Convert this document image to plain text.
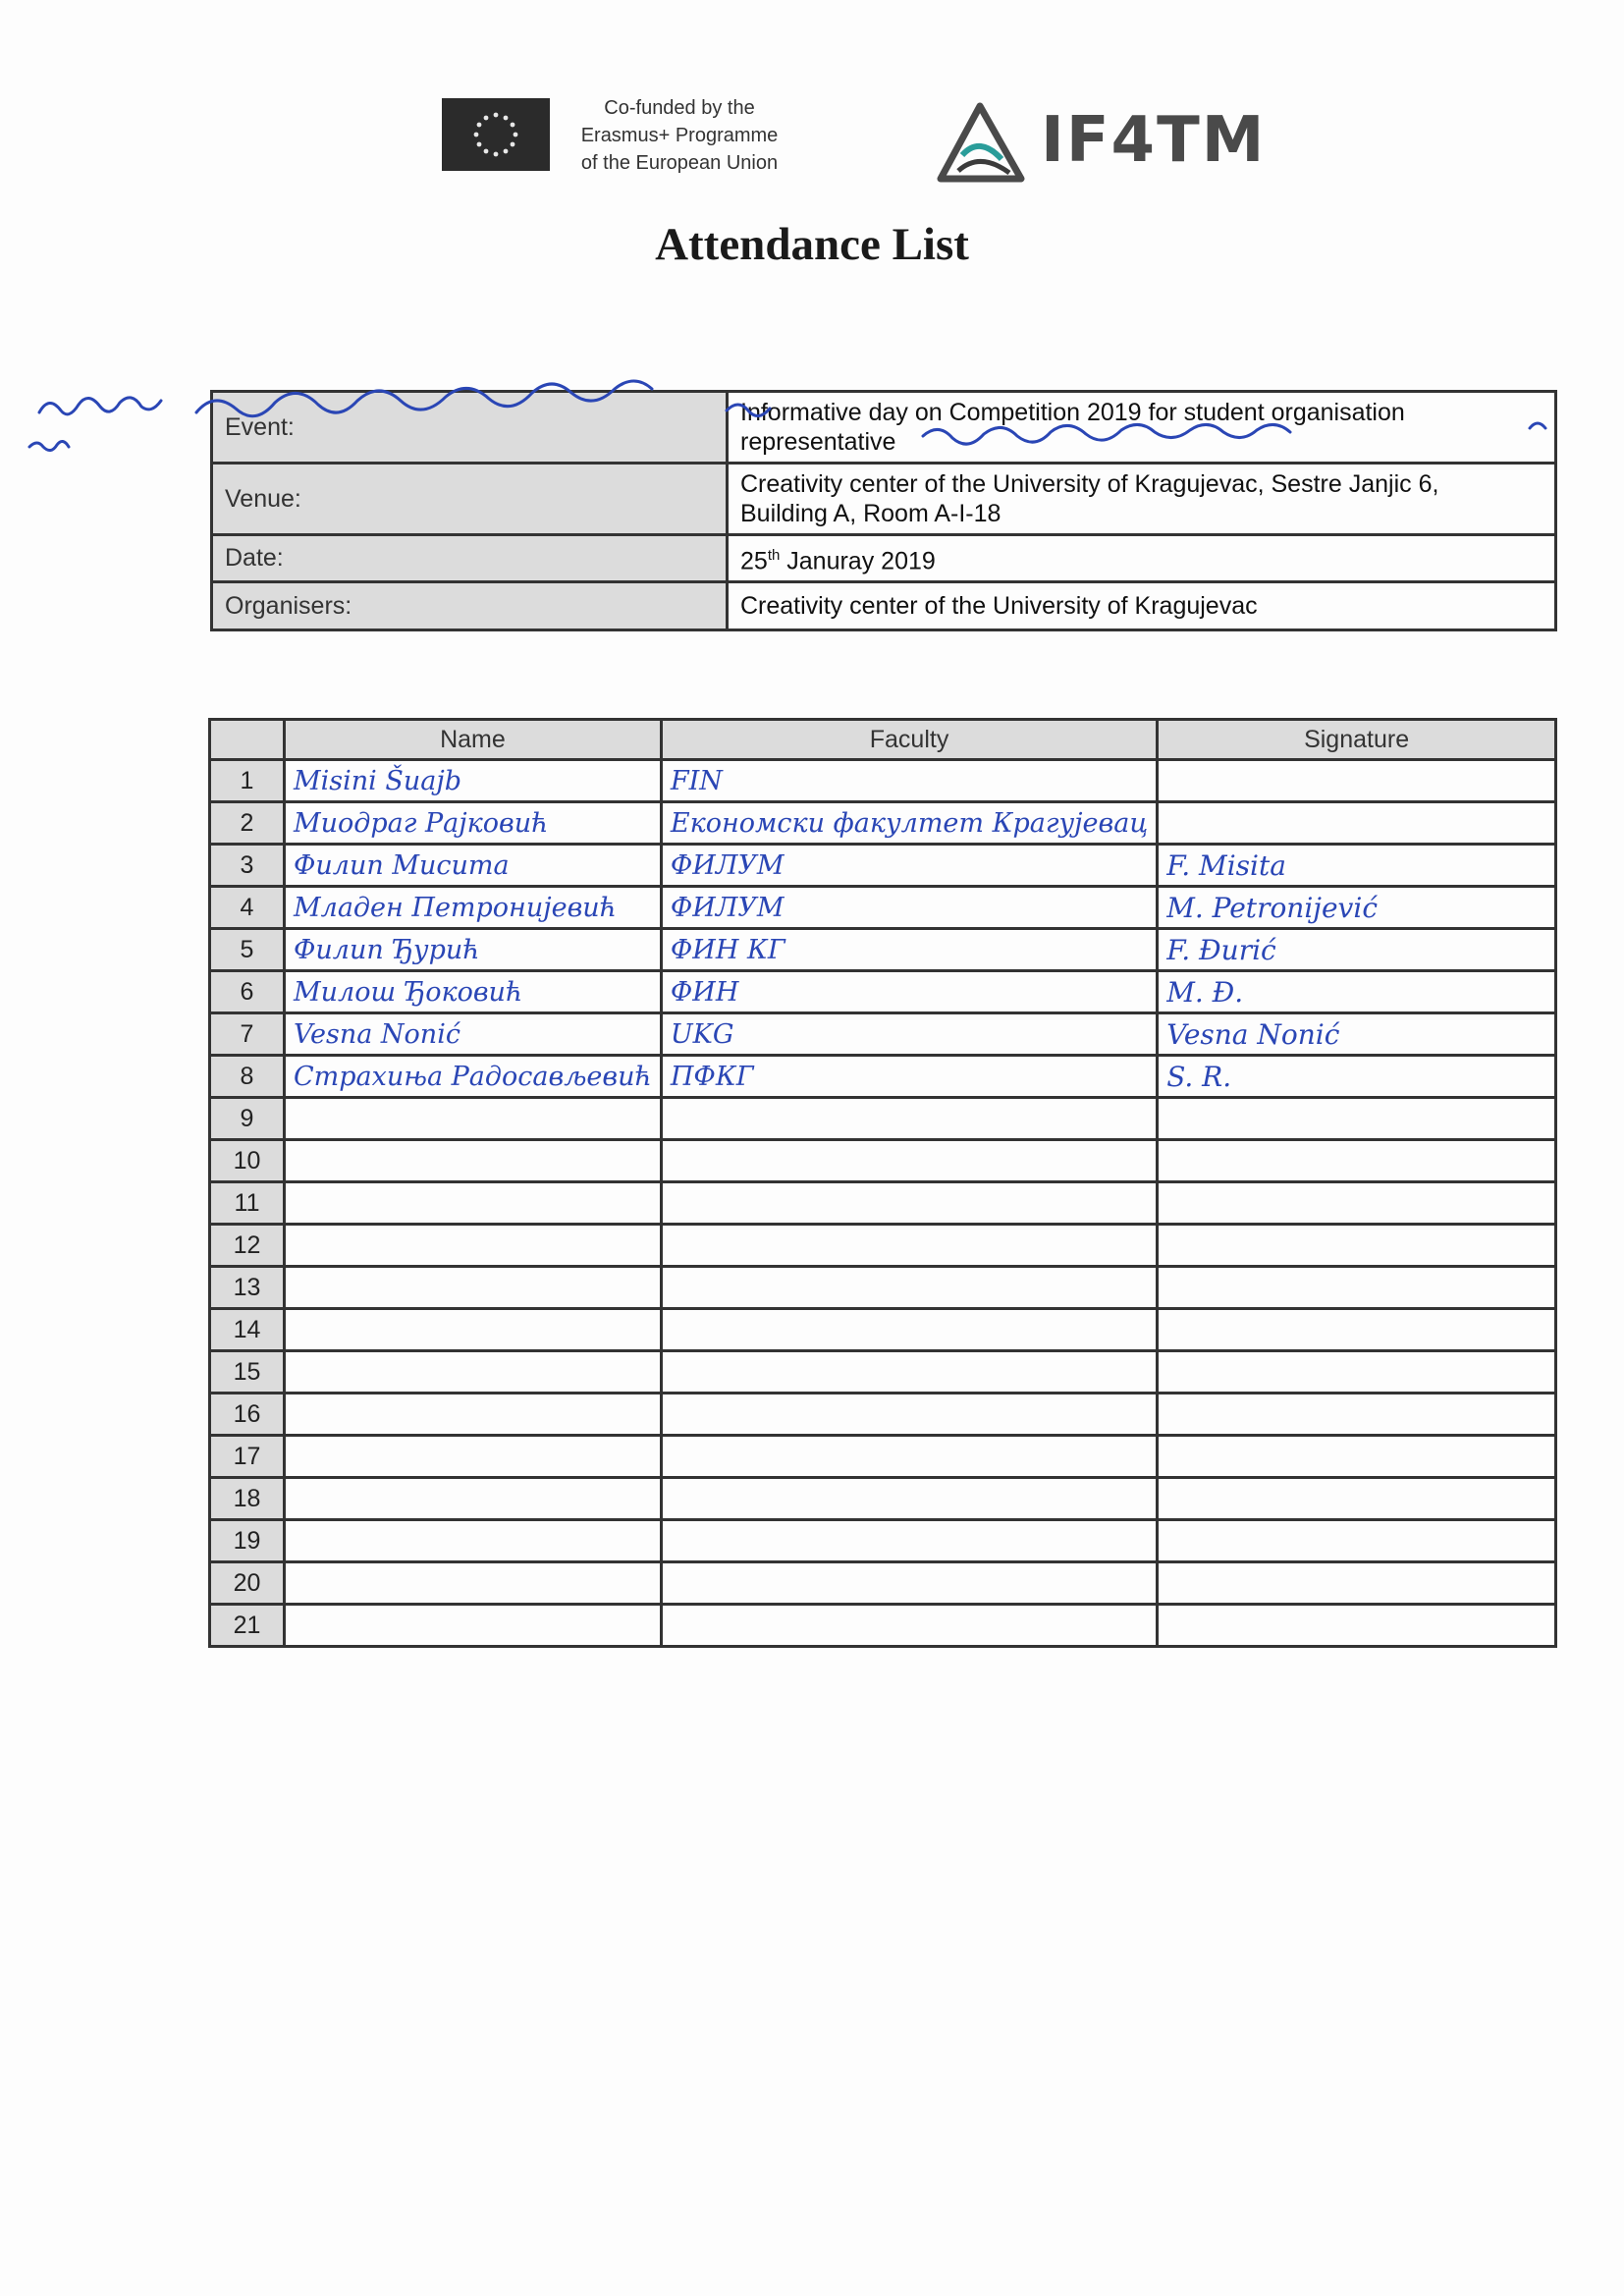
Co-funded by the
Erasmus+ Programme
of the European Union	IF4TM
Attendance List
Event:	Informative day on Competition 2019 for student organisation representative
Venue:	Creativity center of the University of Kragujevac, Sestre Janjic 6,
Building A, Room A-I-18

Date:	25th Januray 2019
Organisers:	Creativity center of the University of Kragujevac
	Name	Faculty	Signature
1	Misini Šuajb	FIN	
2	Миодраг Рајковић	Економски факултет Крагујевац	
3	Филип Мисита	ФИЛУМ	F. Misita
4	Младен Петронијевић	ФИЛУМ	M. Petronijević
5	Филип Ђурић	ФИН КГ	F. Đurić
6	Милош Ђоковић	ФИН	M. Đ.
7	Vesna Nonić	UKG	Vesna Nonić
8	Страхиња Радосављевић	ПФКГ	S. R.
9			
10			
11			
12			
13			
14			
15			
16			
17			
18			
19			
20			
21			
